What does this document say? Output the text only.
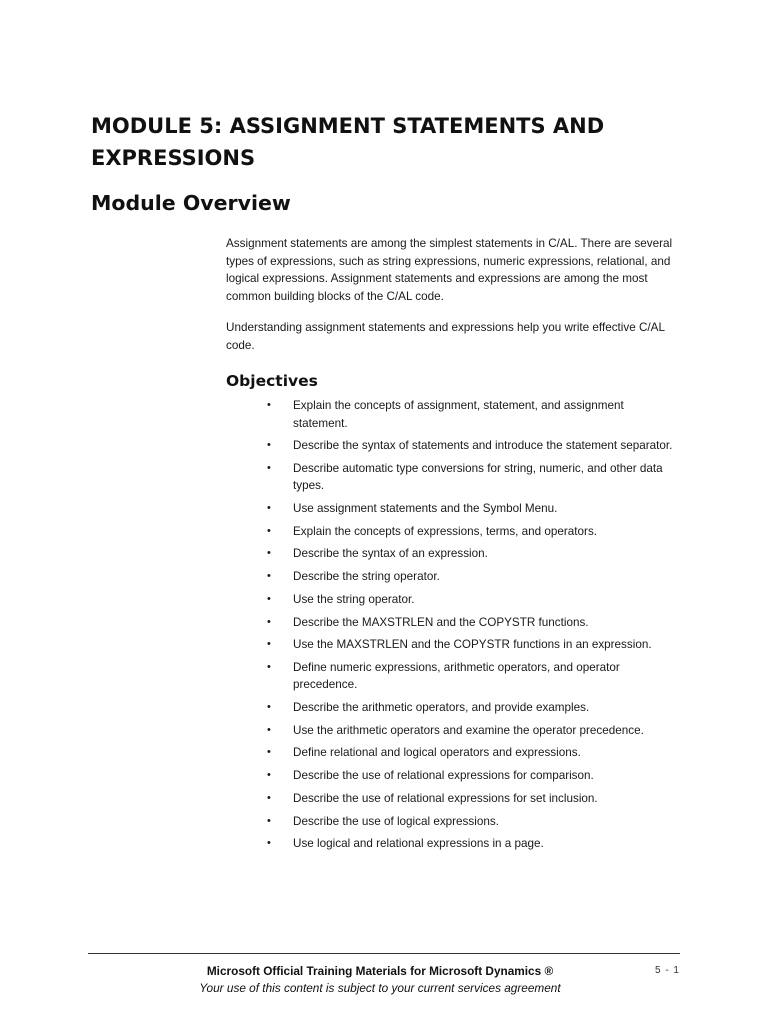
MODULE 5: ASSIGNMENT STATEMENTS AND EXPRESSIONS
Module Overview

Assignment statements are among the simplest statements in C/AL. There are several types of expressions, such as string expressions, numeric expressions, relational, and logical expressions. Assignment statements and expressions are among the most common building blocks of the C/AL code.

Understanding assignment statements and expressions help you write effective C/AL code.

Objectives
• Explain the concepts of assignment, statement, and assignment statement.
• Describe the syntax of statements and introduce the statement separator.
• Describe automatic type conversions for string, numeric, and other data types.
• Use assignment statements and the Symbol Menu.
• Explain the concepts of expressions, terms, and operators.
• Describe the syntax of an expression.
• Describe the string operator.
• Use the string operator.
• Describe the MAXSTRLEN and the COPYSTR functions.
• Use the MAXSTRLEN and the COPYSTR functions in an expression.
• Define numeric expressions, arithmetic operators, and operator precedence.
• Describe the arithmetic operators, and provide examples.
• Use the arithmetic operators and examine the operator precedence.
• Define relational and logical operators and expressions.
• Describe the use of relational expressions for comparison.
• Describe the use of relational expressions for set inclusion.
• Describe the use of logical expressions.
• Use logical and relational expressions in a page.

Microsoft Official Training Materials for Microsoft Dynamics ®

Your use of this content is subject to your current services agreement

5 - 1
